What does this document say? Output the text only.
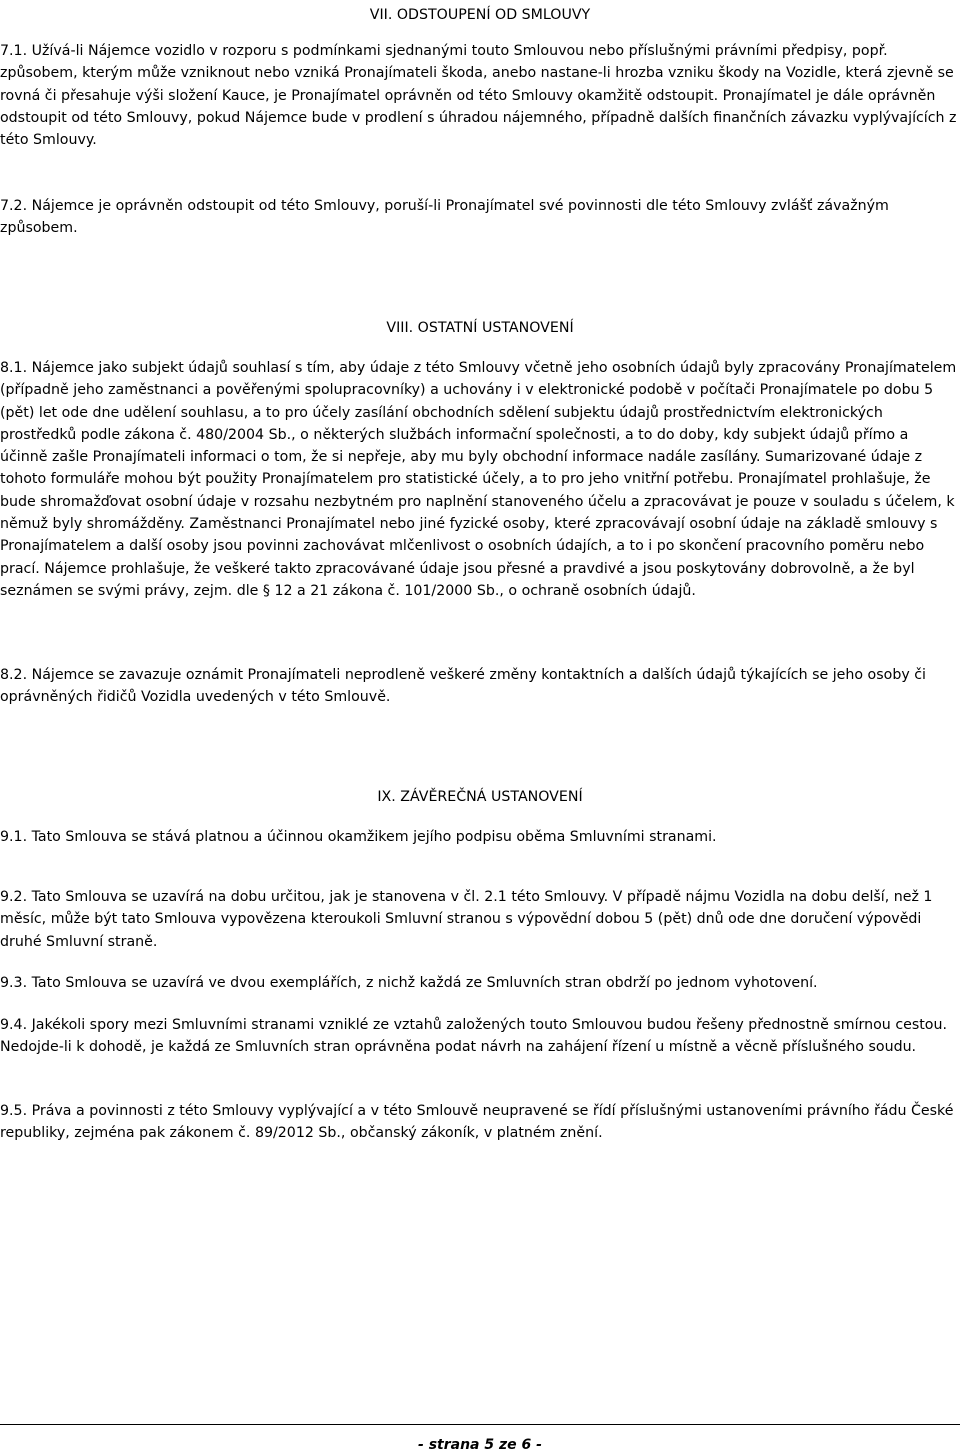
VII. ODSTOUPENÍ OD SMLOUVY

7.1. Užívá-li Nájemce vozidlo v rozporu s podmínkami sjednanými touto Smlouvou nebo příslušnými právními předpisy, popř. způsobem, kterým může vzniknout nebo vzniká Pronajímateli škoda, anebo nastane-li hrozba vzniku škody na Vozidle, která zjevně se rovná či přesahuje výši složení Kauce, je Pronajímatel oprávněn od této Smlouvy okamžitě odstoupit. Pronajímatel je dále oprávněn odstoupit od této Smlouvy, pokud Nájemce bude v prodlení s úhradou nájemného, případně dalších finančních závazku vyplývajících z této Smlouvy.

7.2. Nájemce je oprávněn odstoupit od této Smlouvy, poruší-li Pronajímatel své povinnosti dle této Smlouvy zvlášť závažným způsobem.

VIII. OSTATNÍ USTANOVENÍ

8.1. Nájemce jako subjekt údajů souhlasí s tím, aby údaje z této Smlouvy včetně jeho osobních údajů byly zpracovány Pronajímatelem (případně jeho zaměstnanci a pověřenými spolupracovníky) a uchovány i v elektronické podobě v počítači Pronajímatele po dobu 5 (pět) let ode dne udělení souhlasu, a to pro účely zasílání obchodních sdělení subjektu údajů prostřednictvím elektronických prostředků podle zákona č. 480/2004 Sb., o některých službách informační společnosti, a to do doby, kdy subjekt údajů přímo a účinně zašle Pronajímateli informaci o tom, že si nepřeje, aby mu byly obchodní informace nadále zasílány. Sumarizované údaje z tohoto formuláře mohou být použity Pronajímatelem pro statistické účely, a to pro jeho vnitřní potřebu. Pronajímatel prohlašuje, že bude shromažďovat osobní údaje v rozsahu nezbytném pro naplnění stanoveného účelu a zpracovávat je pouze v souladu s účelem, k němuž byly shromážděny. Zaměstnanci Pronajímatel nebo jiné fyzické osoby, které zpracovávají osobní údaje na základě smlouvy s Pronajímatelem a další osoby jsou povinni zachovávat mlčenlivost o osobních údajích, a to i po skončení pracovního poměru nebo prací. Nájemce prohlašuje, že veškeré takto zpracovávané údaje jsou přesné a pravdivé a jsou poskytovány dobrovolně, a že byl seznámen se svými právy, zejm. dle § 12 a 21 zákona č. 101/2000 Sb., o ochraně osobních údajů.

8.2. Nájemce se zavazuje oznámit Pronajímateli neprodleně veškeré změny kontaktních a dalších údajů týkajících se jeho osoby či oprávněných řidičů Vozidla uvedených v této Smlouvě.

IX. ZÁVĚREČNÁ USTANOVENÍ

9.1. Tato Smlouva se stává platnou a účinnou okamžikem jejího podpisu oběma Smluvními stranami.

9.2. Tato Smlouva se uzavírá na dobu určitou, jak je stanovena v čl. 2.1 této Smlouvy. V případě nájmu Vozidla na dobu delší, než 1 měsíc, může být tato Smlouva vypovězena kteroukoli Smluvní stranou s výpovědní dobou 5 (pět) dnů ode dne doručení výpovědi druhé Smluvní straně.

9.3. Tato Smlouva se uzavírá ve dvou exemplářích, z nichž každá ze Smluvních stran obdrží po jednom vyhotovení.

9.4. Jakékoli spory mezi Smluvními stranami vzniklé ze vztahů založených touto Smlouvou budou řešeny přednostně smírnou cestou. Nedojde-li k dohodě, je každá ze Smluvních stran oprávněna podat návrh na zahájení řízení u místně a věcně příslušného soudu.

9.5. Práva a povinnosti z této Smlouvy vyplývající a v této Smlouvě neupravené se řídí příslušnými ustanoveními právního řádu České republiky, zejména pak zákonem č. 89/2012 Sb., občanský zákoník, v platném znění.

- strana 5 ze 6 -
